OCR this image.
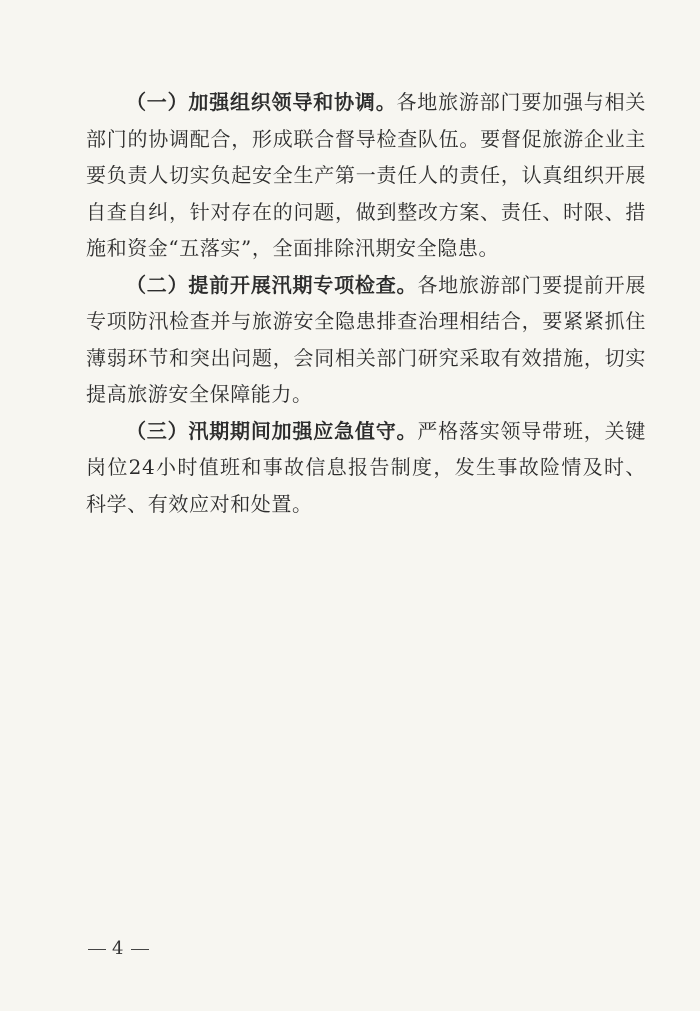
（一）加强组织领导和协调。各地旅游部门要加强与相关部门的协调配合，形成联合督导检查队伍。要督促旅游企业主要负责人切实负起安全生产第一责任人的责任，认真组织开展自查自纠，针对存在的问题，做到整改方案、责任、时限、措施和资金“五落实”，全面排除汛期安全隐患。

（二）提前开展汛期专项检查。各地旅游部门要提前开展专项防汛检查并与旅游安全隐患排查治理相结合，要紧紧抓住薄弱环节和突出问题，会同相关部门研究采取有效措施，切实提高旅游安全保障能力。

（三）汛期期间加强应急值守。严格落实领导带班，关键岗位24小时值班和事故信息报告制度，发生事故险情及时、科学、有效应对和处置。

4
